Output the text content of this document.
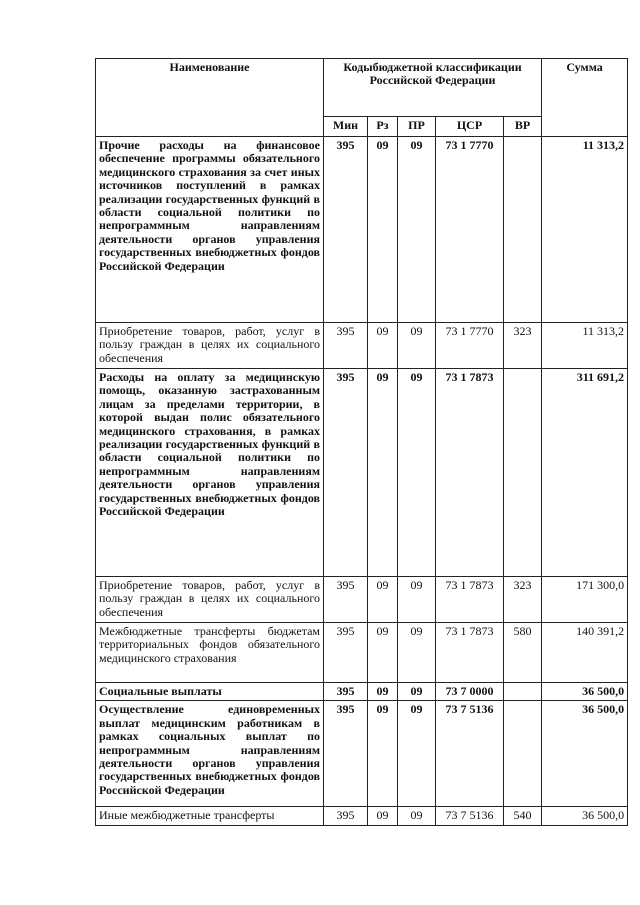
Наименование	Кодыбюджетной классификации Российской Федерации					Сумма
	Мин	Рз	ПР	ЦСР	ВР	
Прочие расходы на финансовое обеспечение программы обязательного медицинского страхования за счет иных источников поступлений в рамках реализации государственных функций в области социальной политики по непрограммным направлениям деятельности органов управления государственных внебюджетных фондов Российской Федерации	395	09	09	73 1 7770		11 313,2
Приобретение товаров, работ, услуг в пользу граждан в целях их социального обеспечения	395	09	09	73 1 7770	323	11 313,2
Расходы на оплату за медицинскую помощь, оказанную застрахованным лицам за пределами территории, в которой выдан полис обязательного медицинского страхования, в рамках реализации государственных функций в области социальной политики по непрограммным направлениям деятельности органов управления государственных внебюджетных фондов Российской Федерации	395	09	09	73 1 7873		311 691,2
Приобретение товаров, работ, услуг в пользу граждан в целях их социального обеспечения	395	09	09	73 1 7873	323	171 300,0
Межбюджетные трансферты бюджетам территориальных фондов обязательного медицинского страхования	395	09	09	73 1 7873	580	140 391,2
Социальные выплаты	395	09	09	73 7 0000		36 500,0
Осуществление единовременных выплат медицинским работникам в рамках социальных выплат по непрограммным направлениям деятельности органов управления государственных внебюджетных фондов Российской Федерации	395	09	09	73 7 5136		36 500,0
Иные межбюджетные трансферты	395	09	09	73 7 5136	540	36 500,0
